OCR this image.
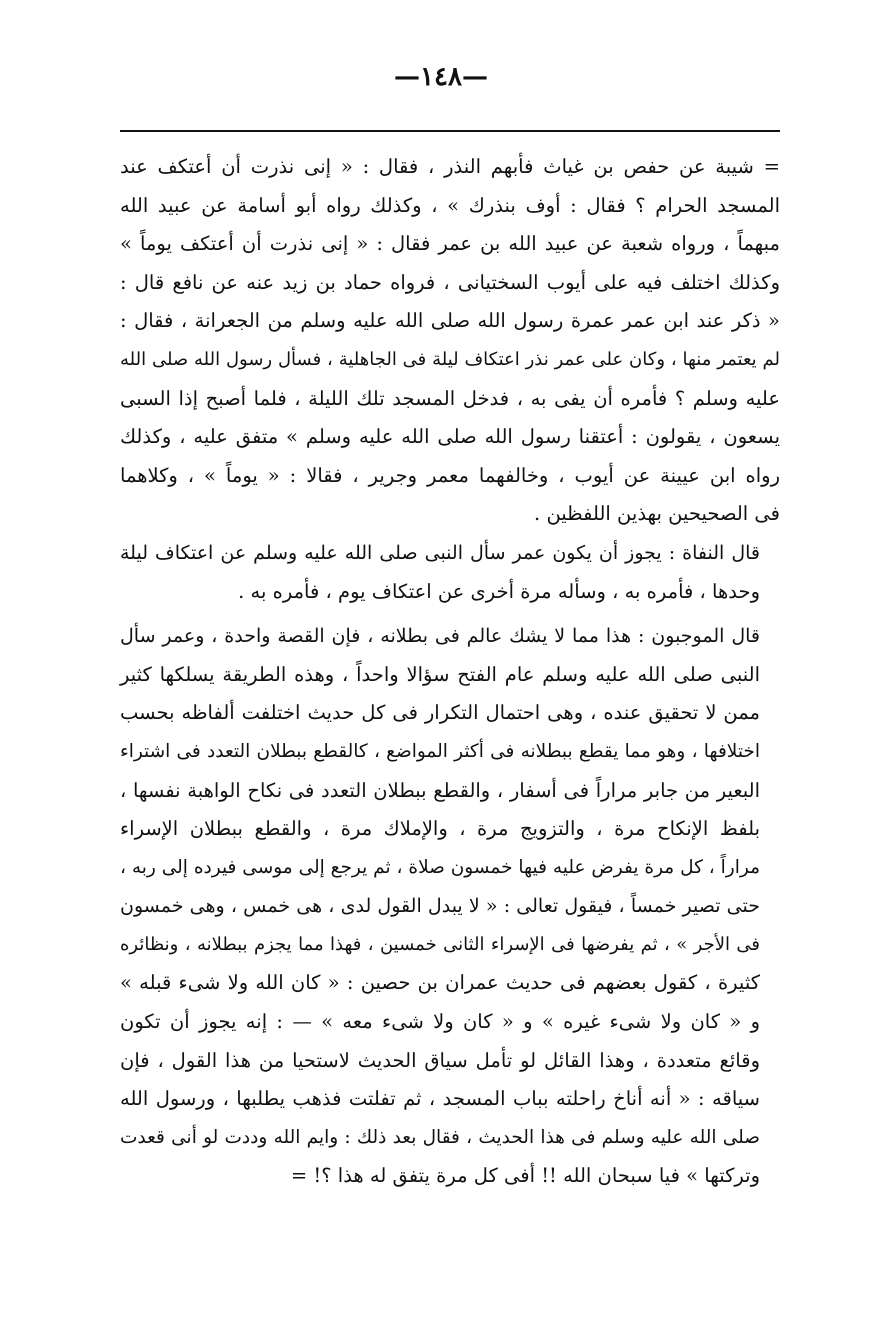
—١٤٨—

= شيبة عن حفص بن غياث فأبهم النذر ، فقال : « إنى نذرت أن أعتكف عند
المسجد الحرام ؟ فقال : أوف بنذرك » ، وكذلك رواه أبو أسامة عن عبيد الله
مبهماً ، ورواه شعبة عن عبيد الله بن عمر فقال : « إنى نذرت أن أعتكف يوماً »
وكذلك اختلف فيه على أيوب السختيانى ، فرواه حماد بن زيد عنه عن نافع قال :
« ذكر عند ابن عمر عمرة رسول الله صلى الله عليه وسلم من الجعرانة ، فقال :
لم يعتمر منها ، وكان على عمر نذر اعتكاف ليلة فى الجاهلية ، فسأل رسول الله صلى الله
عليه وسلم ؟ فأمره أن يفى به ، فدخل المسجد تلك الليلة ، فلما أصبح إذا السبى
يسعون ، يقولون : أعتقنا رسول الله صلى الله عليه وسلم » متفق عليه ، وكذلك
رواه ابن عيينة عن أيوب ، وخالفهما معمر وجرير ، فقالا : « يوماً » ، وكلاهما
فى الصحيحين بهذين اللفظين .

قال النفاة : يجوز أن يكون عمر سأل النبى صلى الله عليه وسلم عن اعتكاف ليلة
وحدها ، فأمره به ، وسأله مرة أخرى عن اعتكاف يوم ، فأمره به .

قال الموجبون : هذا مما لا يشك عالم فى بطلانه ، فإن القصة واحدة ، وعمر سأل
النبى صلى الله عليه وسلم عام الفتح سؤالا واحداً ، وهذه الطريقة يسلكها كثير
ممن لا تحقيق عنده ، وهى احتمال التكرار فى كل حديث اختلفت ألفاظه بحسب
اختلافها ، وهو مما يقطع ببطلانه فى أكثر المواضع ، كالقطع ببطلان التعدد فى اشتراء
البعير من جابر مراراً فى أسفار ، والقطع ببطلان التعدد فى نكاح الواهبة نفسها ،
بلفظ الإنكاح مرة ، والتزويج مرة ، والإملاك مرة ، والقطع ببطلان الإسراء
مراراً ، كل مرة يفرض عليه فيها خمسون صلاة ، ثم يرجع إلى موسى فيرده إلى ربه ،
حتى تصير خمساً ، فيقول تعالى : « لا يبدل القول لدى ، هى خمس ، وهى خمسون
فى الأجر » ، ثم يفرضها فى الإسراء الثانى خمسين ، فهذا مما يجزم ببطلانه ، ونظائره
كثيرة ، كقول بعضهم فى حديث عمران بن حصين : « كان الله ولا شىء قبله »
و « كان ولا شىء غيره » و « كان ولا شىء معه » — : إنه يجوز أن تكون
وقائع متعددة ، وهذا القائل لو تأمل سياق الحديث لاستحيا من هذا القول ، فإن
سياقه : « أنه أناخ راحلته بباب المسجد ، ثم تفلتت فذهب يطلبها ، ورسول الله
صلى الله عليه وسلم فى هذا الحديث ، فقال بعد ذلك : وايم الله وددت لو أنى قعدت
وتركتها » فيا سبحان الله !! أفى كل مرة يتفق له هذا ؟! =
